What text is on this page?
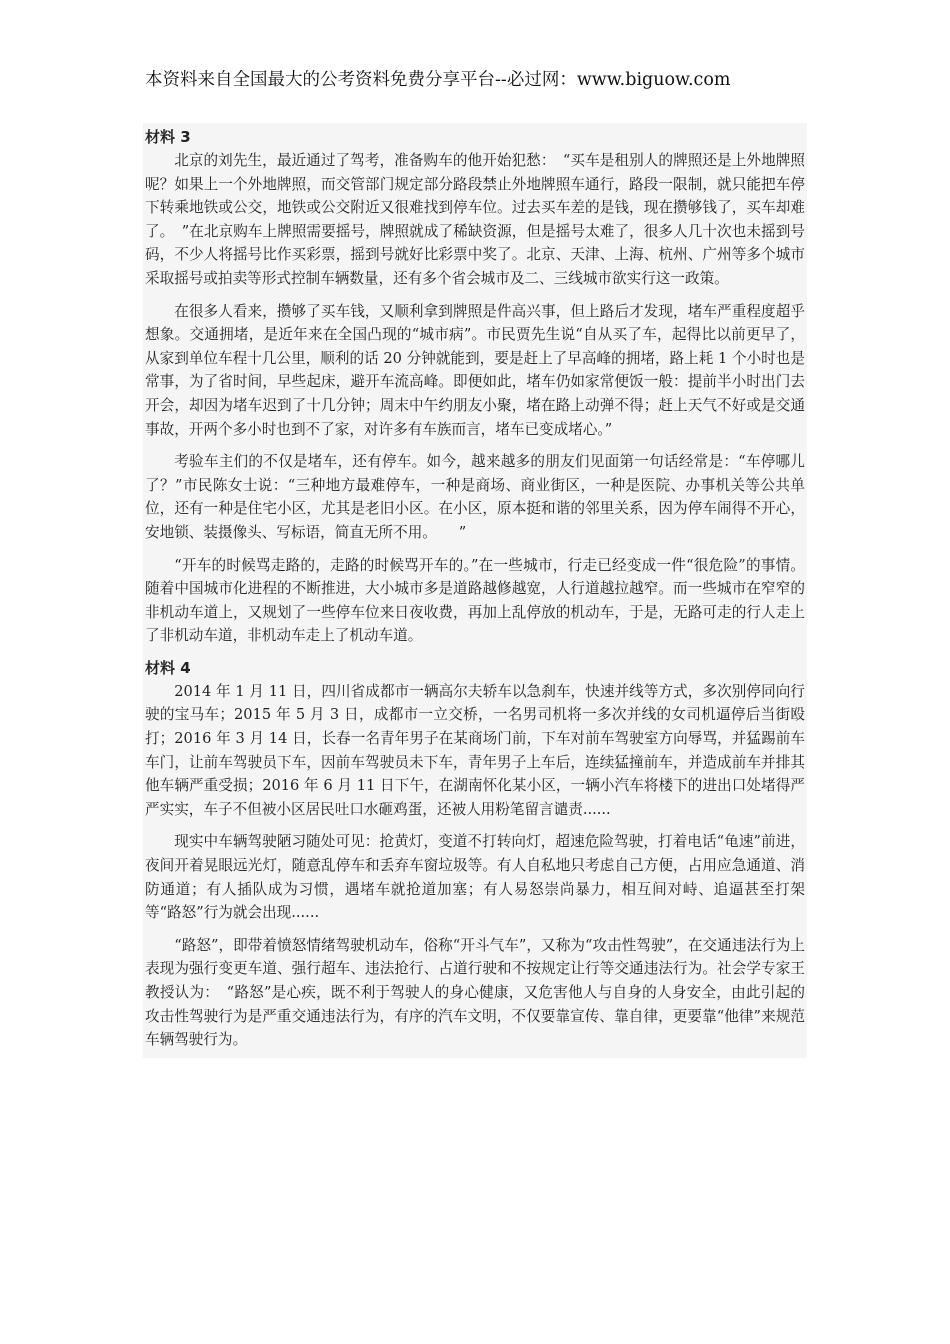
本资料来自全国最大的公考资料免费分享平台--必过网：www.biguow.com
材料 3

北京的刘先生，最近通过了驾考，准备购车的他开始犯愁：　“买车是租别人的牌照还是上外地牌照呢？如果上一个外地牌照，而交管部门规定部分路段禁止外地牌照车通行，路段一限制，就只能把车停下转乘地铁或公交，地铁或公交附近又很难找到停车位。过去买车差的是钱，现在攒够钱了，买车却难了。　”在北京购车上牌照需要摇号，牌照就成了稀缺资源，但是摇号太难了，很多人几十次也未摇到号码，不少人将摇号比作买彩票，摇到号就好比彩票中奖了。北京、天津、上海、杭州、广州等多个城市采取摇号或拍卖等形式控制车辆数量，还有多个省会城市及二、三线城市欲实行这一政策。

在很多人看来，攒够了买车钱，又顺利拿到牌照是件高兴事，但上路后才发现，堵车严重程度超乎想象。交通拥堵，是近年来在全国凸现的“城市病”。市民贾先生说“自从买了车，起得比以前更早了，从家到单位车程十几公里，顺利的话 20 分钟就能到，要是赶上了早高峰的拥堵，路上耗 1 个小时也是常事，为了省时间，早些起床，避开车流高峰。即便如此，堵车仍如家常便饭一般：提前半小时出门去开会，却因为堵车迟到了十几分钟；周末中午约朋友小聚，堵在路上动弹不得；赶上天气不好或是交通事故，开两个多小时也到不了家，对许多有车族而言，堵车已变成堵心。”

考验车主们的不仅是堵车，还有停车。如今，越来越多的朋友们见面第一句话经常是：“车停哪儿了？”市民陈女士说：“三种地方最难停车，一种是商场、商业街区，一种是医院、办事机关等公共单位，还有一种是住宅小区，尤其是老旧小区。在小区，原本挺和谐的邻里关系，因为停车闹得不开心，安地锁、装摄像头、写标语，简直无所不用。　　”

“开车的时候骂走路的，走路的时候骂开车的。”在一些城市，行走已经变成一件“很危险”的事情。随着中国城市化进程的不断推进，大小城市多是道路越修越宽，人行道越拉越窄。而一些城市在窄窄的非机动车道上，又规划了一些停车位来日夜收费，再加上乱停放的机动车，于是，无路可走的行人走上了非机动车道，非机动车走上了机动车道。

材料 4

2014 年 1 月 11 日，四川省成都市一辆高尔夫轿车以急刹车，快速并线等方式，多次别停同向行驶的宝马车；2015 年 5 月 3 日，成都市一立交桥，一名男司机将一多次并线的女司机逼停后当街殴打；2016 年 3 月 14 日，长春一名青年男子在某商场门前，下车对前车驾驶室方向辱骂，并猛踢前车车门，让前车驾驶员下车，因前车驾驶员未下车，青年男子上车后，连续猛撞前车，并造成前车并排其他车辆严重受损；2016 年 6 月 11 日下午，在湖南怀化某小区，一辆小汽车将楼下的进出口处堵得严严实实，车子不但被小区居民吐口水砸鸡蛋，还被人用粉笔留言谴责......

现实中车辆驾驶陋习随处可见：抢黄灯，变道不打转向灯，超速危险驾驶，打着电话“龟速”前进，夜间开着晃眼远光灯，随意乱停车和丢弃车窗垃圾等。有人自私地只考虑自己方便，占用应急通道、消防通道；有人插队成为习惯，遇堵车就抢道加塞；有人易怒崇尚暴力，相互间对峙、追逼甚至打架等“路怒”行为就会出现......

“路怒”，即带着愤怒情绪驾驶机动车，俗称“开斗气车”，又称为“攻击性驾驶”，在交通违法行为上表现为强行变更车道、强行超车、违法抢行、占道行驶和不按规定让行等交通违法行为。社会学专家王教授认为：　“路怒”是心疾，既不利于驾驶人的身心健康，又危害他人与自身的人身安全，由此引起的攻击性驾驶行为是严重交通违法行为，有序的汽车文明，不仅要靠宣传、靠自律，更要靠“他律”来规范车辆驾驶行为。
